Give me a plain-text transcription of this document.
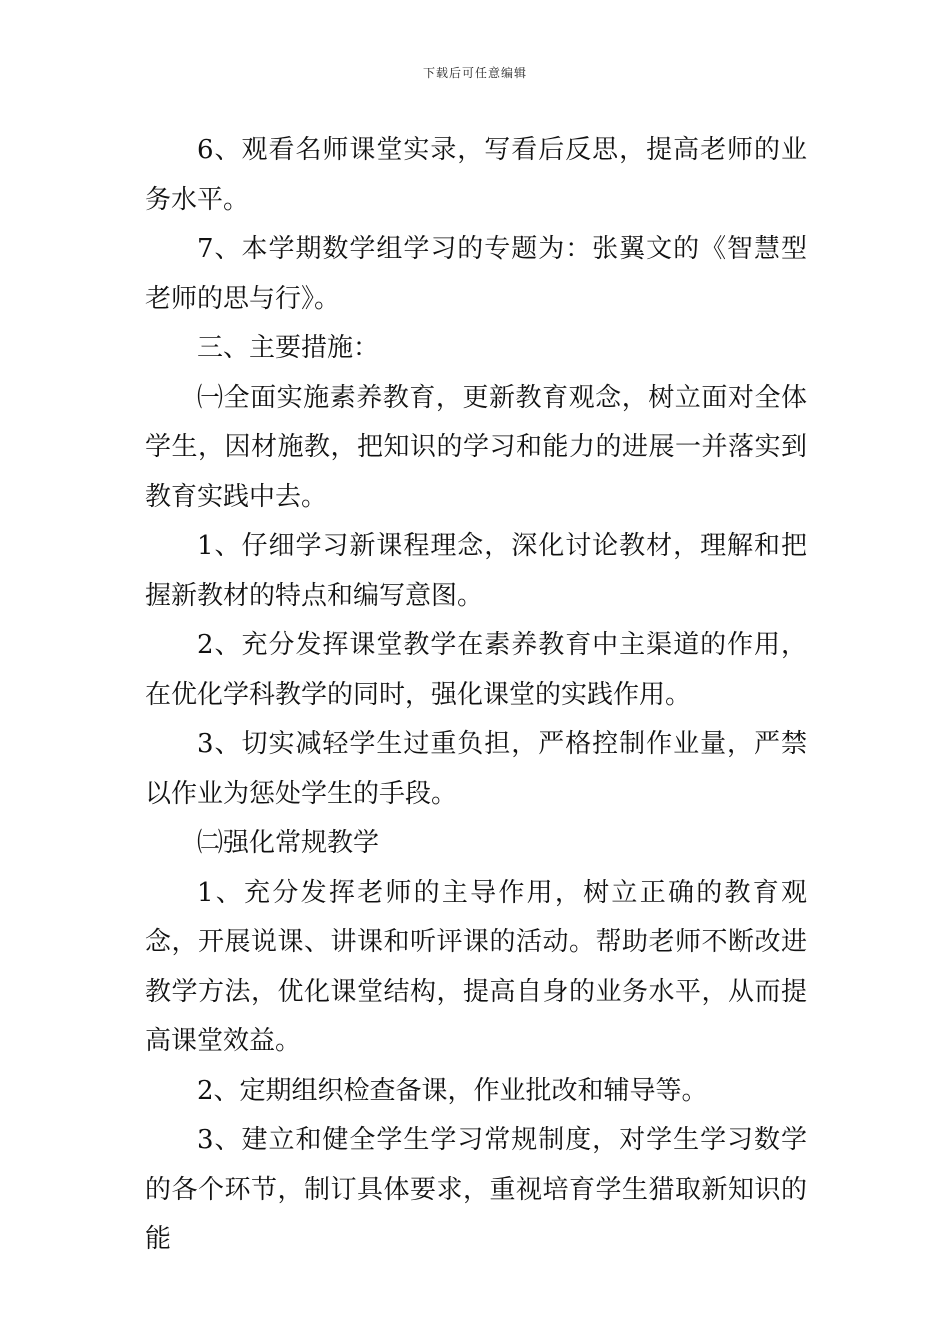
下载后可任意编辑

6、观看名师课堂实录，写看后反思，提高老师的业务水平。

7、本学期数学组学习的专题为：张翼文的《智慧型老师的思与行》。

三、主要措施：

㈠全面实施素养教育，更新教育观念，树立面对全体学生，因材施教，把知识的学习和能力的进展一并落实到教育实践中去。

1、仔细学习新课程理念，深化讨论教材，理解和把握新教材的特点和编写意图。

2、充分发挥课堂教学在素养教育中主渠道的作用，在优化学科教学的同时，强化课堂的实践作用。

3、切实减轻学生过重负担，严格控制作业量，严禁以作业为惩处学生的手段。

㈡强化常规教学

1、充分发挥老师的主导作用，树立正确的教育观念，开展说课、讲课和听评课的活动。帮助老师不断改进教学方法，优化课堂结构，提高自身的业务水平，从而提高课堂效益。

2、定期组织检查备课，作业批改和辅导等。

3、建立和健全学生学习常规制度，对学生学习数学的各个环节，制订具体要求，重视培育学生猎取新知识的能
